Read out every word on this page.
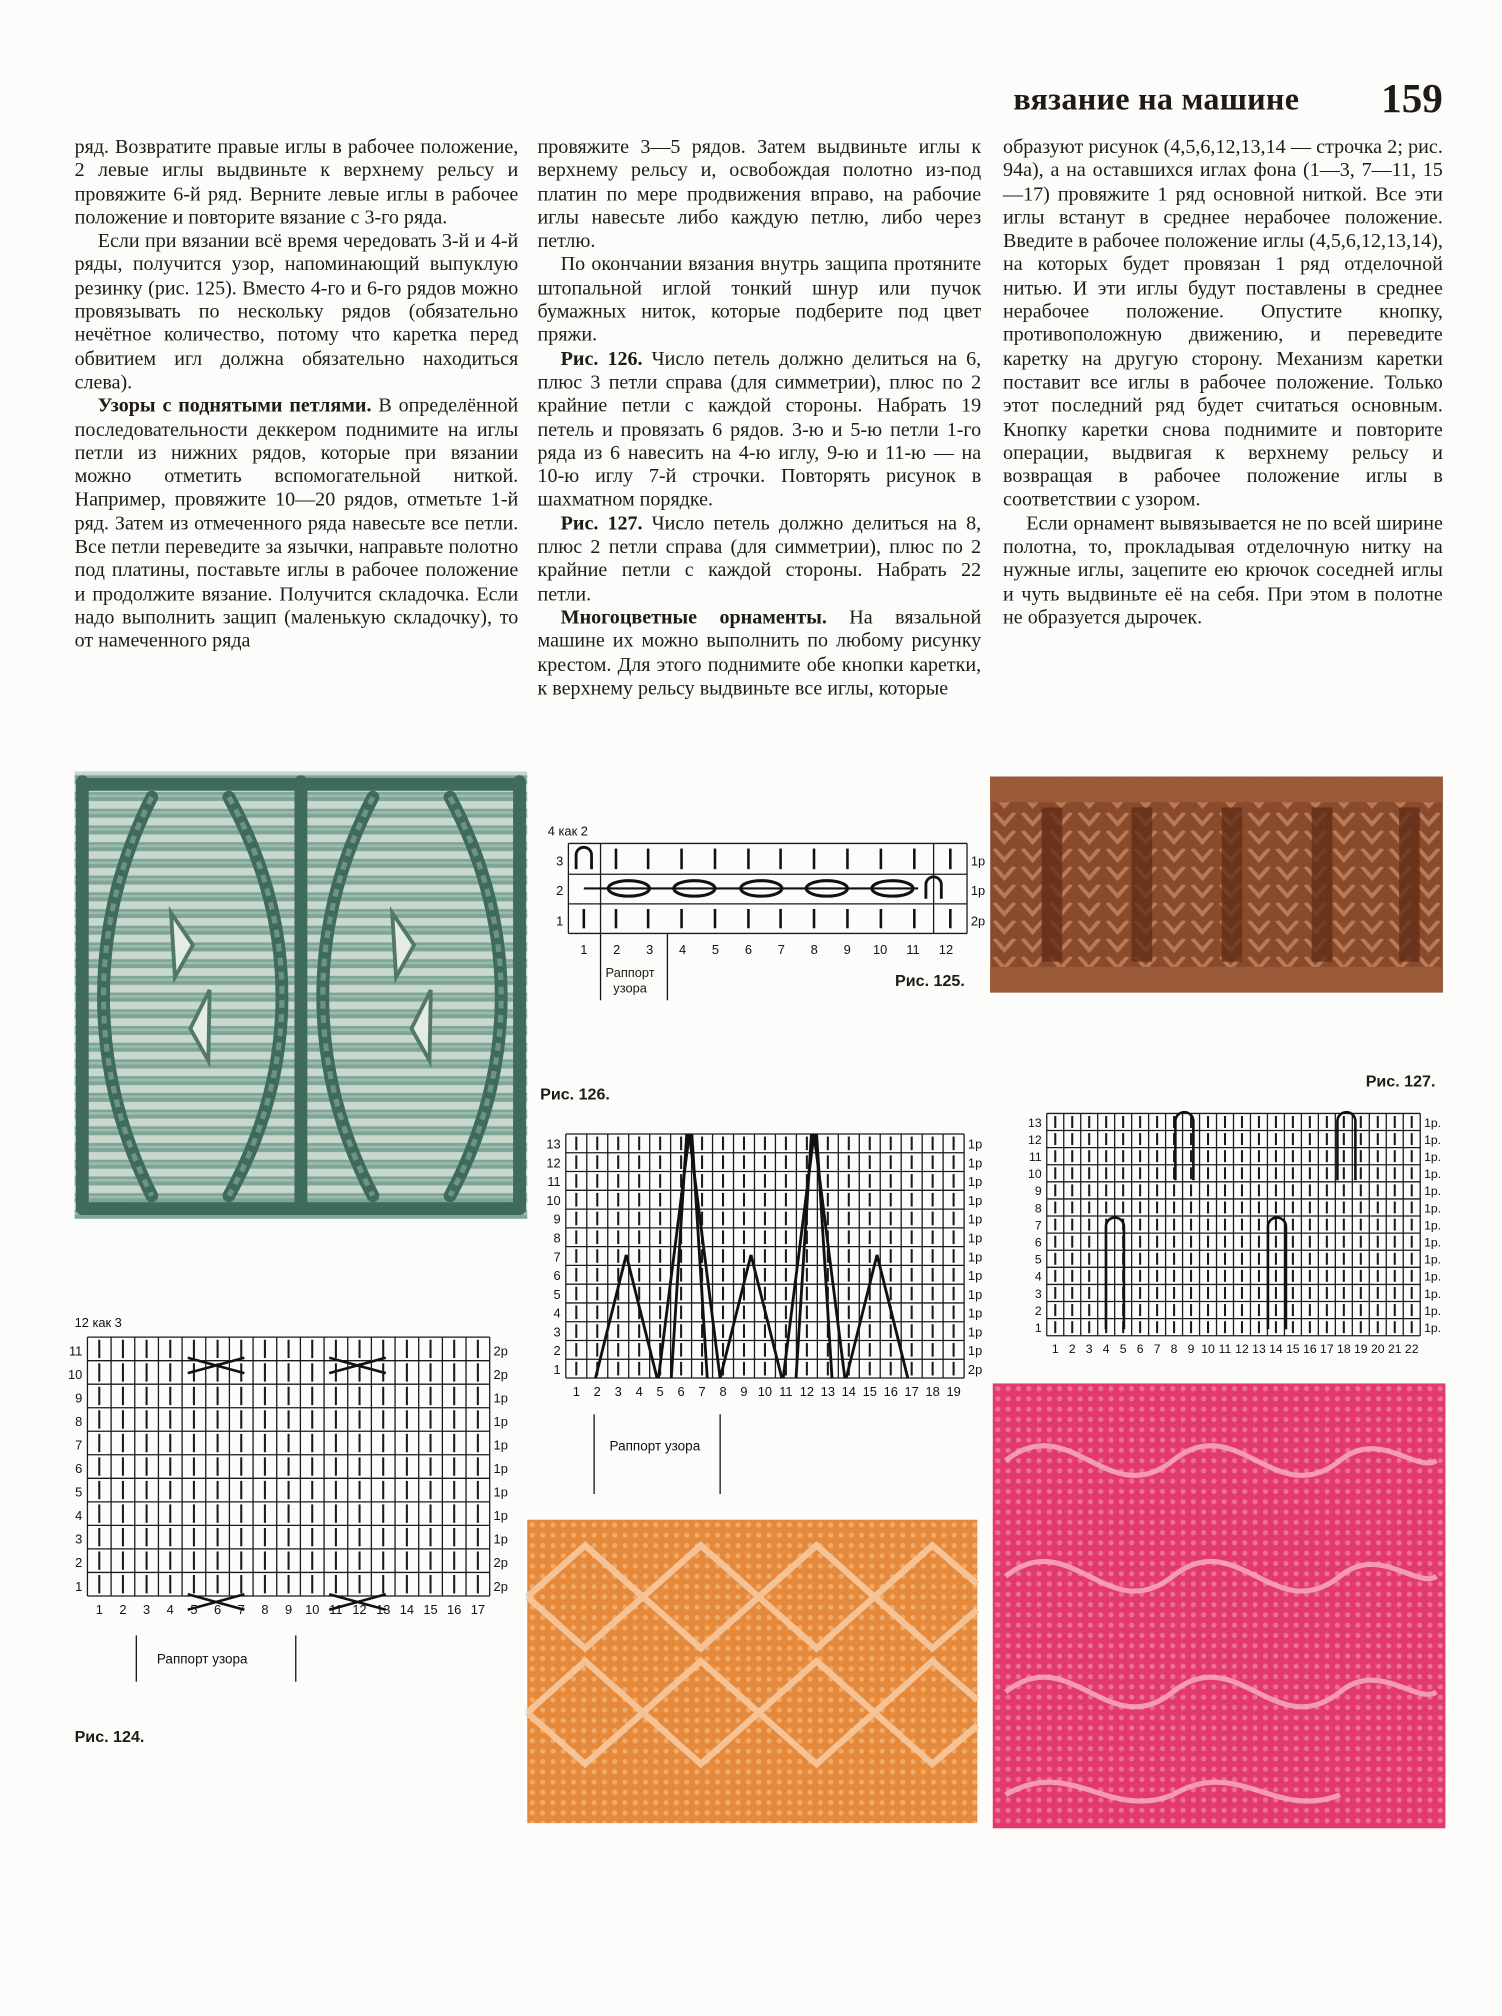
вязание на машине	159

ряд. Возвратите правые иглы в рабочее положение, 2 левые иглы выдвиньте к верхнему рельсу и провяжите 6-й ряд. Верните левые иглы в рабочее положение и повторите вязание с 3-го ряда.

Если при вязании всё время чередовать 3-й и 4-й ряды, получится узор, напоминающий выпуклую резинку (рис. 125). Вместо 4-го и 6-го рядов можно провязывать по нескольку рядов (обязательно нечётное количество, потому что каретка перед обвитием игл должна обязательно находиться слева).

Узоры с поднятыми петлями. В определённой последовательности деккером поднимите на иглы петли из нижних рядов, которые при вязании можно отметить вспомогательной ниткой. Например, провяжите 10—20 рядов, отметьте 1-й ряд. Затем из отмеченного ряда навесьте все петли. Все петли переведите за язычки, направьте полотно под платины, поставьте иглы в рабочее положение и продолжите вязание. Получится складочка. Если надо выполнить защип (маленькую складочку), то от намеченного ряда

провяжите 3—5 рядов. Затем выдвиньте иглы к верхнему рельсу и, освобождая полотно из-под платин по мере продвижения вправо, на рабочие иглы навесьте либо каждую петлю, либо через петлю.

По окончании вязания внутрь защипа протяните штопальной иглой тонкий шнур или пучок бумажных ниток, которые подберите под цвет пряжи.

Рис. 126. Число петель должно делиться на 6, плюс 3 петли справа (для симметрии), плюс по 2 крайние петли с каждой стороны. Набрать 19 петель и провязать 6 рядов. 3-ю и 5-ю петли 1-го ряда из 6 навесить на 4-ю иглу, 9-ю и 11-ю — на 10-ю иглу 7-й строчки. Повторять рисунок в шахматном порядке.

Рис. 127. Число петель должно делиться на 8, плюс 2 петли справа (для симметрии), плюс по 2 крайние петли с каждой стороны. Набрать 22 петли.

Многоцветные орнаменты. На вязальной машине их можно выполнить по любому рисунку крестом. Для этого поднимите обе кнопки каретки, к верхнему рельсу выдвиньте все иглы, которые

образуют рисунок (4,5,6,12,13,14 — строчка 2; рис. 94а), а на оставшихся иглах фона (1—3, 7—11, 15—17) провяжите 1 ряд основной ниткой. Все эти иглы встанут в среднее нерабочее положение. Введите в рабочее положение иглы (4,5,6,12,13,14), на которых будет провязан 1 ряд отделочной нитью. И эти иглы будут поставлены в среднее нерабочее положение. Опустите кнопку, противоположную движению, и переведите каретку на другую сторону. Механизм каретки поставит все иглы в рабочее положение. Только этот последний ряд будет считаться основным. Кнопку каретки снова поднимите и повторите операции, выдвигая к верхнему рельсу и возвращая в рабочее положение иглы в соответствии с узором.

Если орнамент вывязывается не по всей ширине полотна, то, прокладывая отделочную нитку на нужные иглы, зацепите ею крючок соседней иглы и чуть выдвиньте её на себя. При этом в полотне не образуется дырочек.

4 как 2
3
2
1
1р
1р
2р
1	2	3	4	5	6	7	8	9 10 11 12
Раппорт узора	Рис. 125.
Рис. 126.
Рис. 127.
Рис. 124.
13
12
11
10
9
8
7
6
5
4
3
2
1
1р
1р
1р
1р
1р
1р
1р
1р
1р
1р
1р
1р
2р
1 2 3 4 5 6 7 8 9 10 11 12 13 14 15 16 17 18 19
Раппорт узора
13
12
11
10
9
8
7
6
5
4
3
2
1
1р.
1р.
1р.
1р.
1р.
1р.
1р.
1р.
1р.
1р.
1р.
1р.
1р.
1 2 3 4 5 6 7 8 9 10 11 12 13 14 15 16 17 18 19 20 21 22
12 как 3
11
10
9
8
7
6
5
4
3
2
1
2р
2р
1р
1р
1р
1р
1р
1р
1р
2р
2р
1 2 3 4 5 6 7 8 9 10 11 12 13 14 15 16 17
Раппорт узора
